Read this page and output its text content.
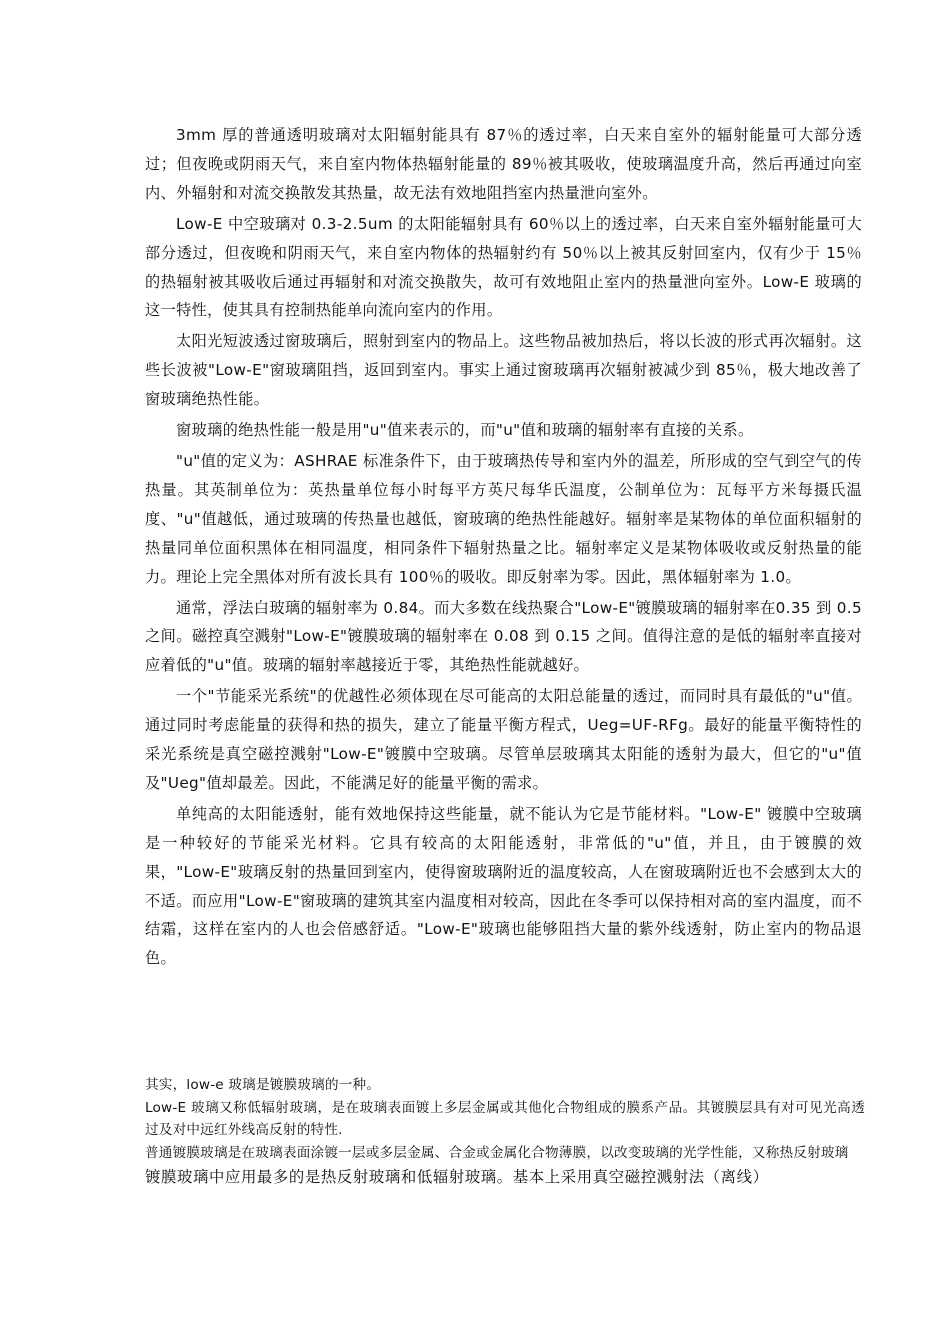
3mm 厚的普通透明玻璃对太阳辐射能具有 87％的透过率，白天来自室外的辐射能量可大部分透过；但夜晚或阴雨天气，来自室内物体热辐射能量的 89％被其吸收，使玻璃温度升高，然后再通过向室内、外辐射和对流交换散发其热量，故无法有效地阻挡室内热量泄向室外。

Low-E 中空玻璃对 0.3-2.5um 的太阳能辐射具有 60％以上的透过率，白天来自室外辐射能量可大部分透过，但夜晚和阴雨天气，来自室内物体的热辐射约有 50％以上被其反射回室内，仅有少于 15％的热辐射被其吸收后通过再辐射和对流交换散失，故可有效地阻止室内的热量泄向室外。Low-E 玻璃的这一特性，使其具有控制热能单向流向室内的作用。

太阳光短波透过窗玻璃后，照射到室内的物品上。这些物品被加热后，将以长波的形式再次辐射。这些长波被"Low-E"窗玻璃阻挡，返回到室内。事实上通过窗玻璃再次辐射被减少到 85％，极大地改善了窗玻璃绝热性能。

窗玻璃的绝热性能一般是用"u"值来表示的，而"u"值和玻璃的辐射率有直接的关系。

"u"值的定义为：ASHRAE 标准条件下，由于玻璃热传导和室内外的温差，所形成的空气到空气的传热量。其英制单位为：英热量单位每小时每平方英尺每华氏温度，公制单位为：瓦每平方米每摄氏温度、"u"值越低，通过玻璃的传热量也越低，窗玻璃的绝热性能越好。辐射率是某物体的单位面积辐射的热量同单位面积黑体在相同温度，相同条件下辐射热量之比。辐射率定义是某物体吸收或反射热量的能力。理论上完全黑体对所有波长具有 100％的吸收。即反射率为零。因此，黑体辐射率为 1.0。

通常，浮法白玻璃的辐射率为 0.84。而大多数在线热聚合"Low-E"镀膜玻璃的辐射率在0.35 到 0.5 之间。磁控真空溅射"Low-E"镀膜玻璃的辐射率在 0.08 到 0.15 之间。值得注意的是低的辐射率直接对应着低的"u"值。玻璃的辐射率越接近于零，其绝热性能就越好。

一个"节能采光系统"的优越性必须体现在尽可能高的太阳总能量的透过，而同时具有最低的"u"值。通过同时考虑能量的获得和热的损失，建立了能量平衡方程式，Ueg=UF-RFg。最好的能量平衡特性的采光系统是真空磁控溅射"Low-E"镀膜中空玻璃。尽管单层玻璃其太阳能的透射为最大，但它的"u"值及"Ueg"值却最差。因此，不能满足好的能量平衡的需求。

单纯高的太阳能透射，能有效地保持这些能量，就不能认为它是节能材料。"Low-E" 镀膜中空玻璃是一种较好的节能采光材料。它具有较高的太阳能透射，非常低的"u"值，并且，由于镀膜的效果，"Low-E"玻璃反射的热量回到室内，使得窗玻璃附近的温度较高，人在窗玻璃附近也不会感到太大的不适。而应用"Low-E"窗玻璃的建筑其室内温度相对较高，因此在冬季可以保持相对高的室内温度，而不结霜，这样在室内的人也会倍感舒适。"Low-E"玻璃也能够阻挡大量的紫外线透射，防止室内的物品退色。

其实，low-e 玻璃是镀膜玻璃的一种。

Low-E 玻璃又称低辐射玻璃，是在玻璃表面镀上多层金属或其他化合物组成的膜系产品。其镀膜层具有对可见光高透过及对中远红外线高反射的特性.

普通镀膜玻璃是在玻璃表面涂镀一层或多层金属、合金或金属化合物薄膜，以改变玻璃的光学性能，又称热反射玻璃

镀膜玻璃中应用最多的是热反射玻璃和低辐射玻璃。基本上采用真空磁控溅射法（离线）
